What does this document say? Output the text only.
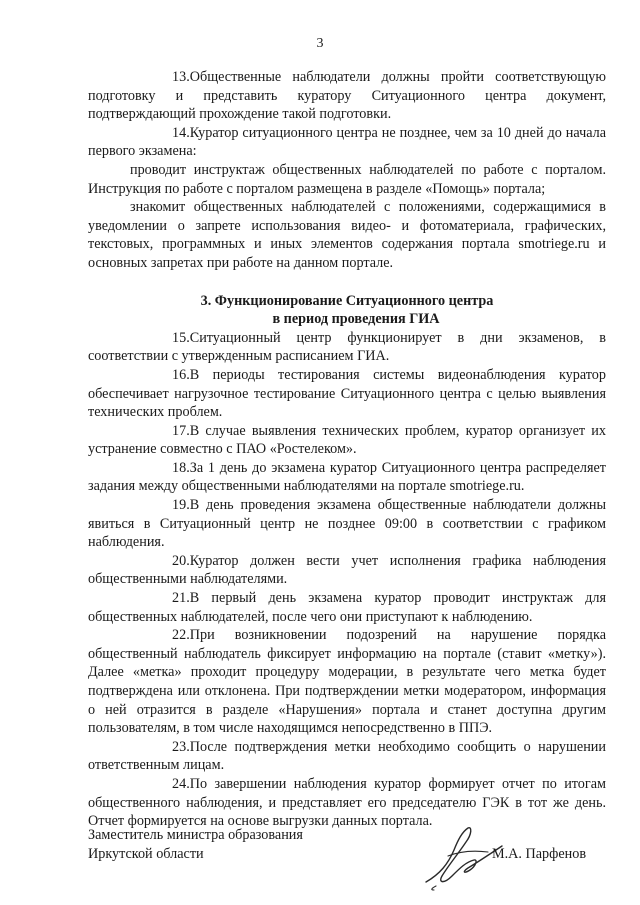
3

13.Общественные наблюдатели должны пройти соответствующую подготовку и представить куратору Ситуационного центра документ, подтверждающий прохождение такой подготовки.

14.Куратор ситуационного центра не позднее, чем за 10 дней до начала первого экзамена:

проводит инструктаж общественных наблюдателей по работе с порталом. Инструкция по работе с порталом размещена в разделе «Помощь» портала;

знакомит общественных наблюдателей с положениями, содержащимися в уведомлении о запрете использования видео- и фотоматериала, графических, текстовых, программных и иных элементов содержания портала smotriege.ru и основных запретах при работе на данном портале.

3. Функционирование Ситуационного центра
в период проведения ГИА

15.Ситуационный центр функционирует в дни экзаменов, в соответствии с утвержденным расписанием ГИА.

16.В периоды тестирования системы видеонаблюдения куратор обеспечивает нагрузочное тестирование Ситуационного центра с целью выявления технических проблем.

17.В случае выявления технических проблем, куратор организует их устранение совместно с ПАО «Ростелеком».

18.За 1 день до экзамена куратор Ситуационного центра распределяет задания между общественными наблюдателями на портале smotriege.ru.

19.В день проведения экзамена общественные наблюдатели должны явиться в Ситуационный центр не позднее 09:00 в соответствии с графиком наблюдения.

20.Куратор должен вести учет исполнения графика наблюдения общественными наблюдателями.

21.В первый день экзамена куратор проводит инструктаж для общественных наблюдателей, после чего они приступают к наблюдению.

22.При возникновении подозрений на нарушение порядка общественный наблюдатель фиксирует информацию на портале (ставит «метку»). Далее «метка» проходит процедуру модерации, в результате чего метка будет подтверждена или отклонена. При подтверждении метки модератором, информация о ней отразится в разделе «Нарушения» портала и станет доступна другим пользователям, в том числе находящимся непосредственно в ППЭ.

23.После подтверждения метки необходимо сообщить о нарушении ответственным лицам.

24.По завершении наблюдения куратор формирует отчет по итогам общественного наблюдения, и представляет его председателю ГЭК в тот же день. Отчет формируется на основе выгрузки данных портала.

Заместитель министра образования
Иркутской области	М.А. Парфенов
